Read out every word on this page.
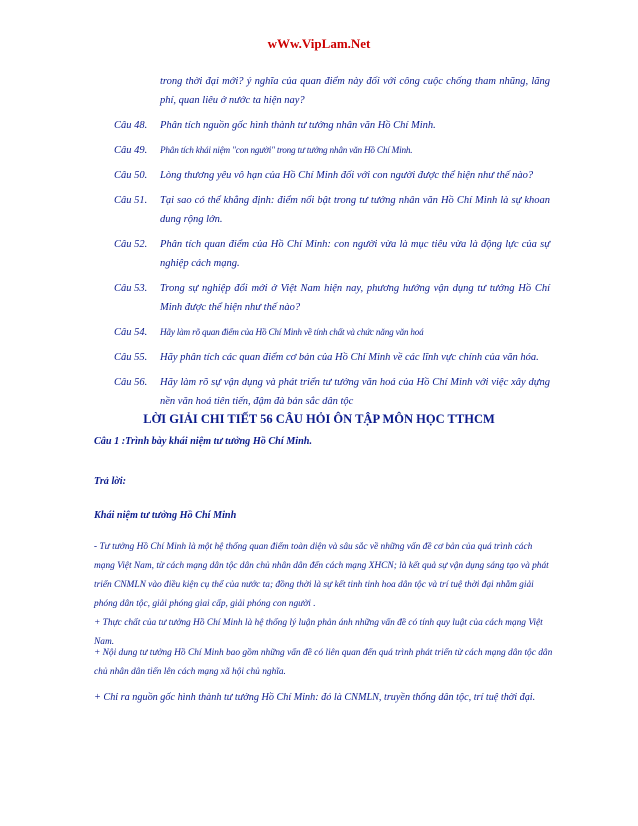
wWw.VipLam.Net
trong thời đại mới? ý nghĩa của quan điểm này đối với công cuộc chống tham nhũng, lãng phí, quan liêu ở nước ta hiện nay?
Câu 48.	Phân tích nguồn gốc hình thành tư tưởng nhân văn Hồ Chí Minh.
Câu 49.	Phân tích khái niệm "con người" trong tư tưởng nhân văn Hồ Chí Minh.
Câu 50.	Lòng thương yêu vô hạn của Hồ Chí Minh đối với con người được thể hiện như thế nào?
Câu 51.	Tại sao có thể khẳng định: điểm nổi bật trong tư tưởng nhân văn Hồ Chí Minh là sự khoan dung rộng lớn.
Câu 52.	Phân tích quan điểm của Hồ Chí Minh: con người vừa là mục tiêu vừa là động lực của sự nghiệp cách mạng.
Câu 53.	Trong sự nghiệp đổi mới ở Việt Nam hiện nay, phương hướng vận dụng tư tưởng Hồ Chí Minh được thể hiện như thế nào?
Câu 54.	Hãy làm rõ quan điểm của Hồ Chí Minh về tính chất và chức năng văn hoá
Câu 55.	Hãy phân tích các quan điểm cơ bản của Hồ Chí Minh về các lĩnh vực chính của văn hóa.
Câu 56.	Hãy làm rõ sự vận dụng và phát triển tư tưởng văn hoá của Hồ Chí Minh với việc xây dựng nền văn hoá tiên tiến, đậm đà bản sắc dân tộc
LỜI GIẢI CHI TIẾT 56 CÂU HỎI ÔN TẬP MÔN HỌC TTHCM
Câu 1 :Trình bày khái niệm tư tưởng Hồ Chí Minh.
Trả lời:
Khái niệm tư tưởng Hồ Chí Minh
- Tư tưởng Hồ Chí Minh là một hệ thống quan điểm toàn diện và sâu sắc về những vấn đề cơ bản của quá trình cách mạng Việt Nam, từ cách mạng dân tộc dân chủ nhân dân đến cách mạng XHCN; là kết quả sự vận dụng sáng tạo và phát triển CNMLN vào điều kiện cụ thể của nước ta; đồng thời là sự kết tinh tinh hoa dân tộc và trí tuệ thời đại nhằm giải phóng dân tộc, giải phóng giai cấp, giải phóng con người .
+ Thực chất của tư tưởng Hồ Chí Minh là hệ thống lý luận phản ánh những vấn đề có tính quy luật của cách mạng Việt Nam.
+ Nội dung tư tưởng Hồ Chí Minh bao gồm những vấn đề có liên quan đến quá trình phát triển từ cách mạng dân tộc dân chủ nhân dân tiến lên cách mạng xã hội chủ nghĩa.
+ Chỉ ra nguồn gốc hình thành tư tưởng Hồ Chí Minh: đó là CNMLN, truyền thống dân tộc, trí tuệ thời đại.
